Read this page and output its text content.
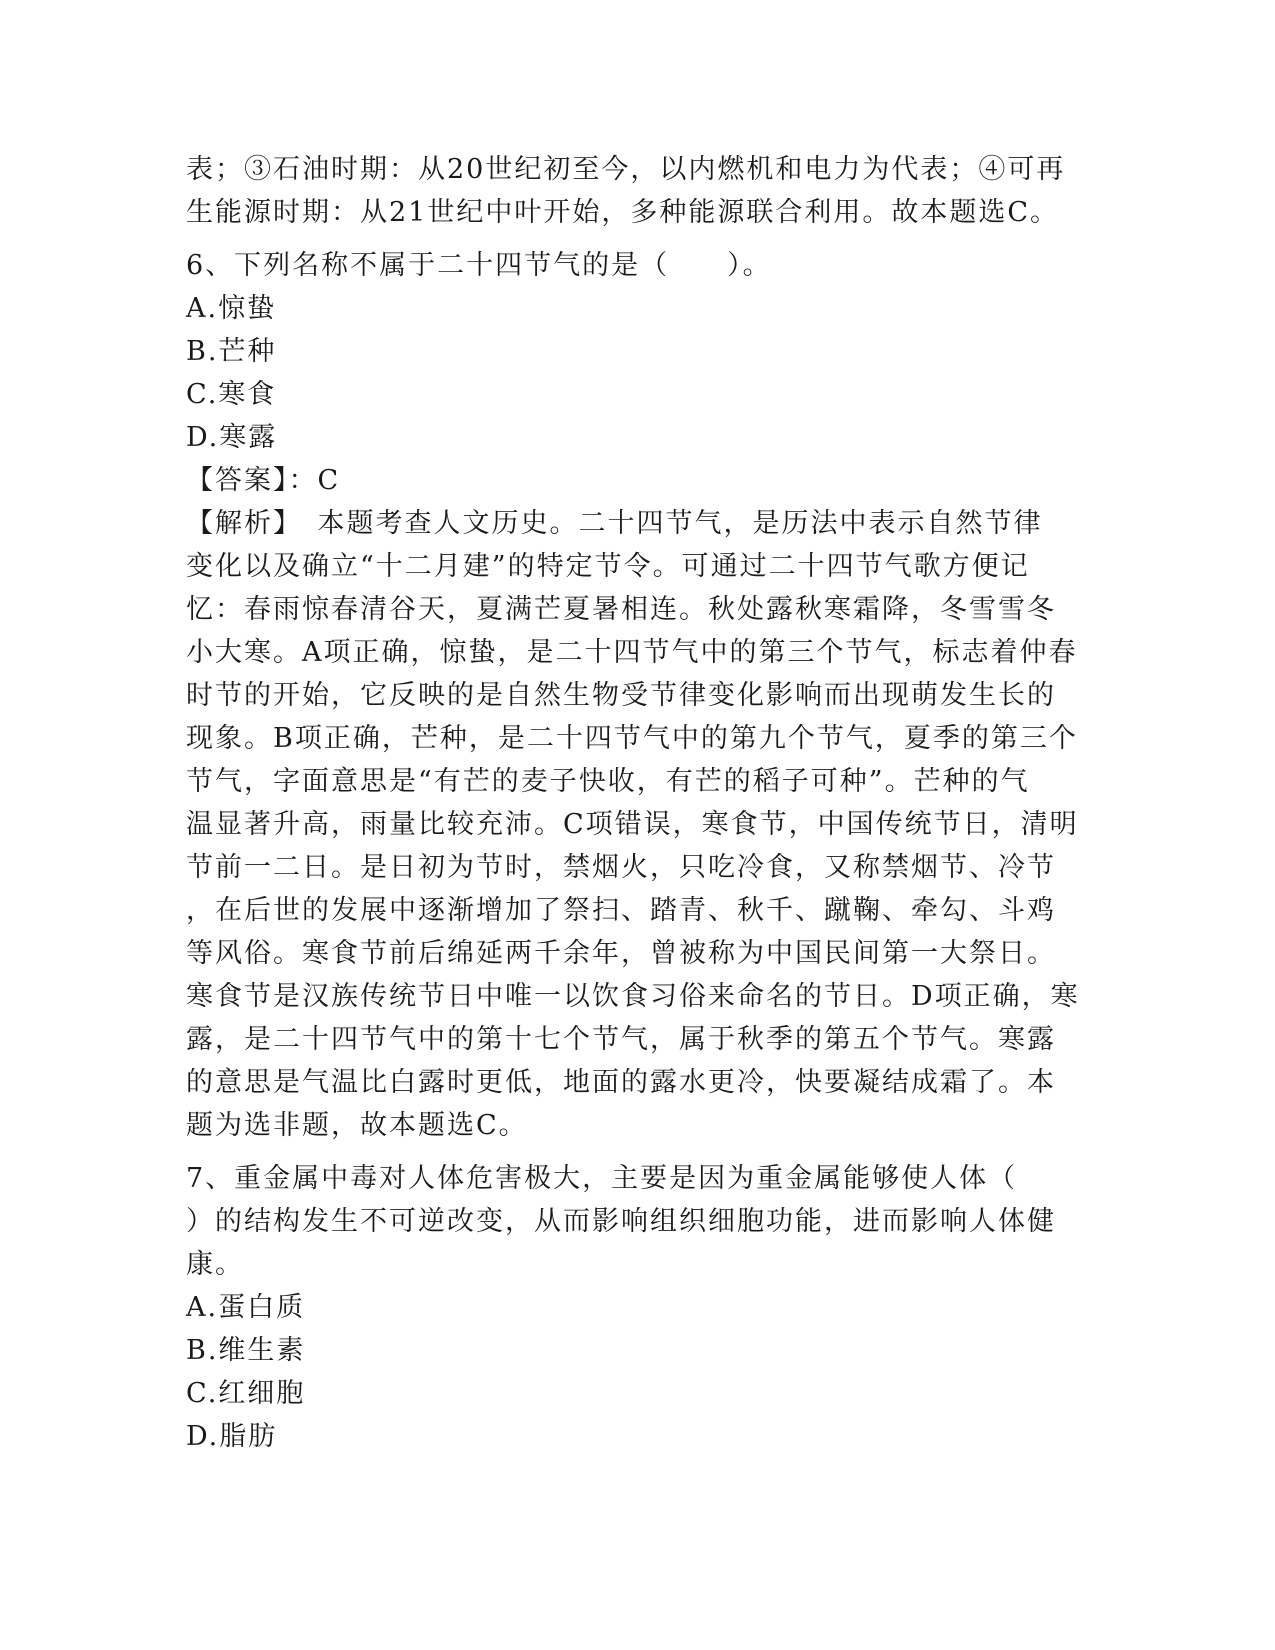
表；③石油时期：从20世纪初至今，以内燃机和电力为代表；④可再
生能源时期：从21世纪中叶开始，多种能源联合利用。故本题选C。
6、下列名称不属于二十四节气的是（　　）。
A.惊蛰
B.芒种
C.寒食
D.寒露
【答案】：C
【解析】　本题考查人文历史。二十四节气，是历法中表示自然节律
变化以及确立“十二月建”的特定节令。可通过二十四节气歌方便记
忆：春雨惊春清谷天，夏满芒夏暑相连。秋处露秋寒霜降，冬雪雪冬
小大寒。A项正确，惊蛰，是二十四节气中的第三个节气，标志着仲春
时节的开始，它反映的是自然生物受节律变化影响而出现萌发生长的
现象。B项正确，芒种，是二十四节气中的第九个节气，夏季的第三个
节气，字面意思是“有芒的麦子快收，有芒的稻子可种”。芒种的气
温显著升高，雨量比较充沛。C项错误，寒食节，中国传统节日，清明
节前一二日。是日初为节时，禁烟火，只吃冷食，又称禁烟节、冷节
，在后世的发展中逐渐增加了祭扫、踏青、秋千、蹴鞠、牵勾、斗鸡
等风俗。寒食节前后绵延两千余年，曾被称为中国民间第一大祭日。
寒食节是汉族传统节日中唯一以饮食习俗来命名的节日。D项正确，寒
露，是二十四节气中的第十七个节气，属于秋季的第五个节气。寒露
的意思是气温比白露时更低，地面的露水更冷，快要凝结成霜了。本
题为选非题，故本题选C。
7、重金属中毒对人体危害极大，主要是因为重金属能够使人体（
）的结构发生不可逆改变，从而影响组织细胞功能，进而影响人体健
康。
A.蛋白质
B.维生素
C.红细胞
D.脂肪
